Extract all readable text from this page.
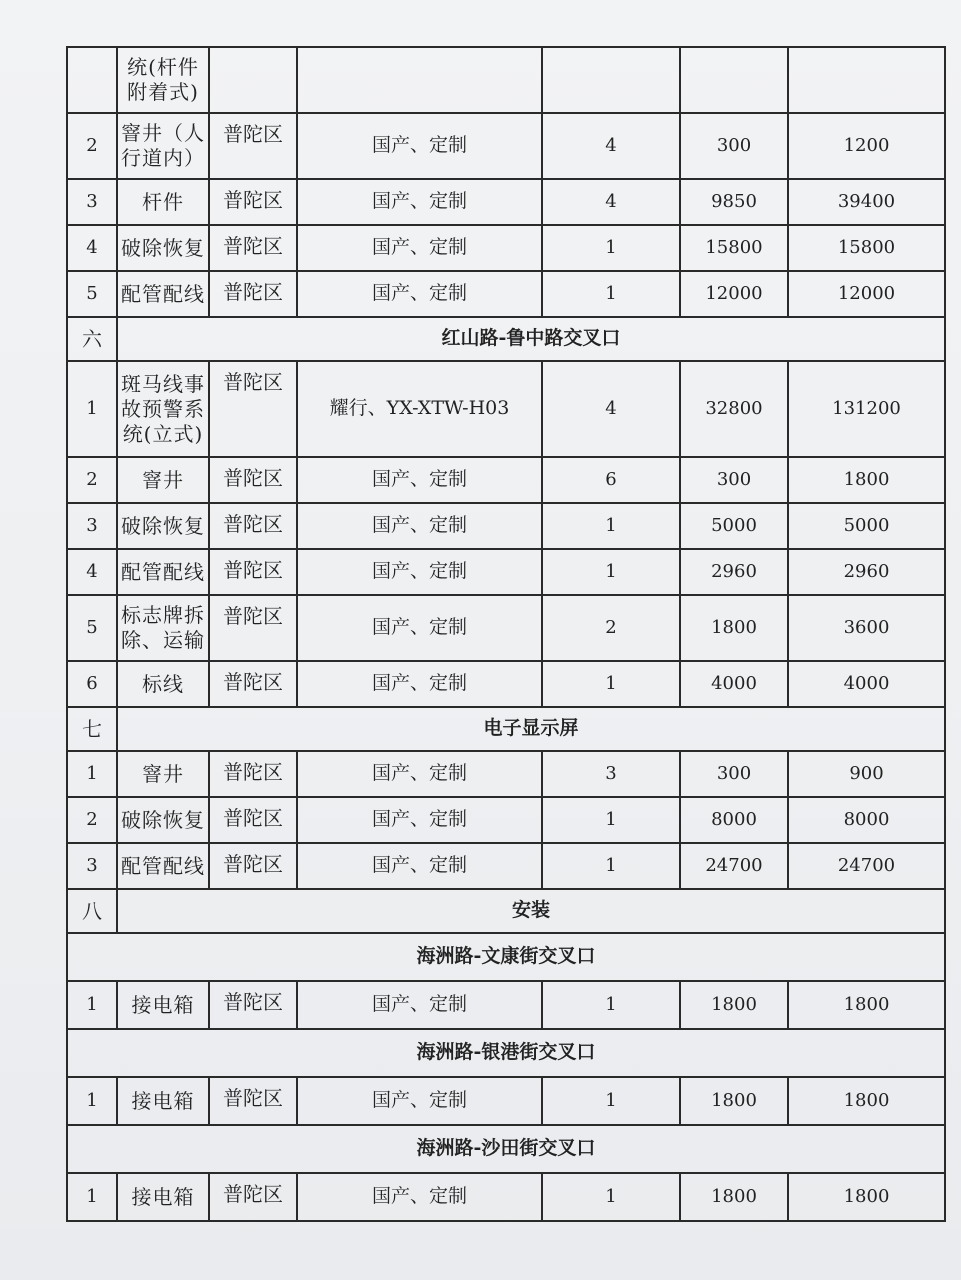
	统(杆件附着式)					
2	窨井（人行道内）	普陀区	国产、定制	4	300	1200
3	杆件	普陀区	国产、定制	4	9850	39400
4	破除恢复	普陀区	国产、定制	1	15800	15800
5	配管配线	普陀区	国产、定制	1	12000	12000
六	红山路-鲁中路交叉口					
1	斑马线事故预警系统(立式)	普陀区	耀行、YX-XTW-H03	4	32800	131200
2	窨井	普陀区	国产、定制	6	300	1800
3	破除恢复	普陀区	国产、定制	1	5000	5000
4	配管配线	普陀区	国产、定制	1	2960	2960
5	标志牌拆除、运输	普陀区	国产、定制	2	1800	3600
6	标线	普陀区	国产、定制	1	4000	4000
七	电子显示屏					
1	窨井	普陀区	国产、定制	3	300	900
2	破除恢复	普陀区	国产、定制	1	8000	8000
3	配管配线	普陀区	国产、定制	1	24700	24700
八	安装					
海洲路-文康街交叉口						
1	接电箱	普陀区	国产、定制	1	1800	1800
海洲路-银港街交叉口						
1	接电箱	普陀区	国产、定制	1	1800	1800
海洲路-沙田街交叉口						
1	接电箱	普陀区	国产、定制	1	1800	1800
